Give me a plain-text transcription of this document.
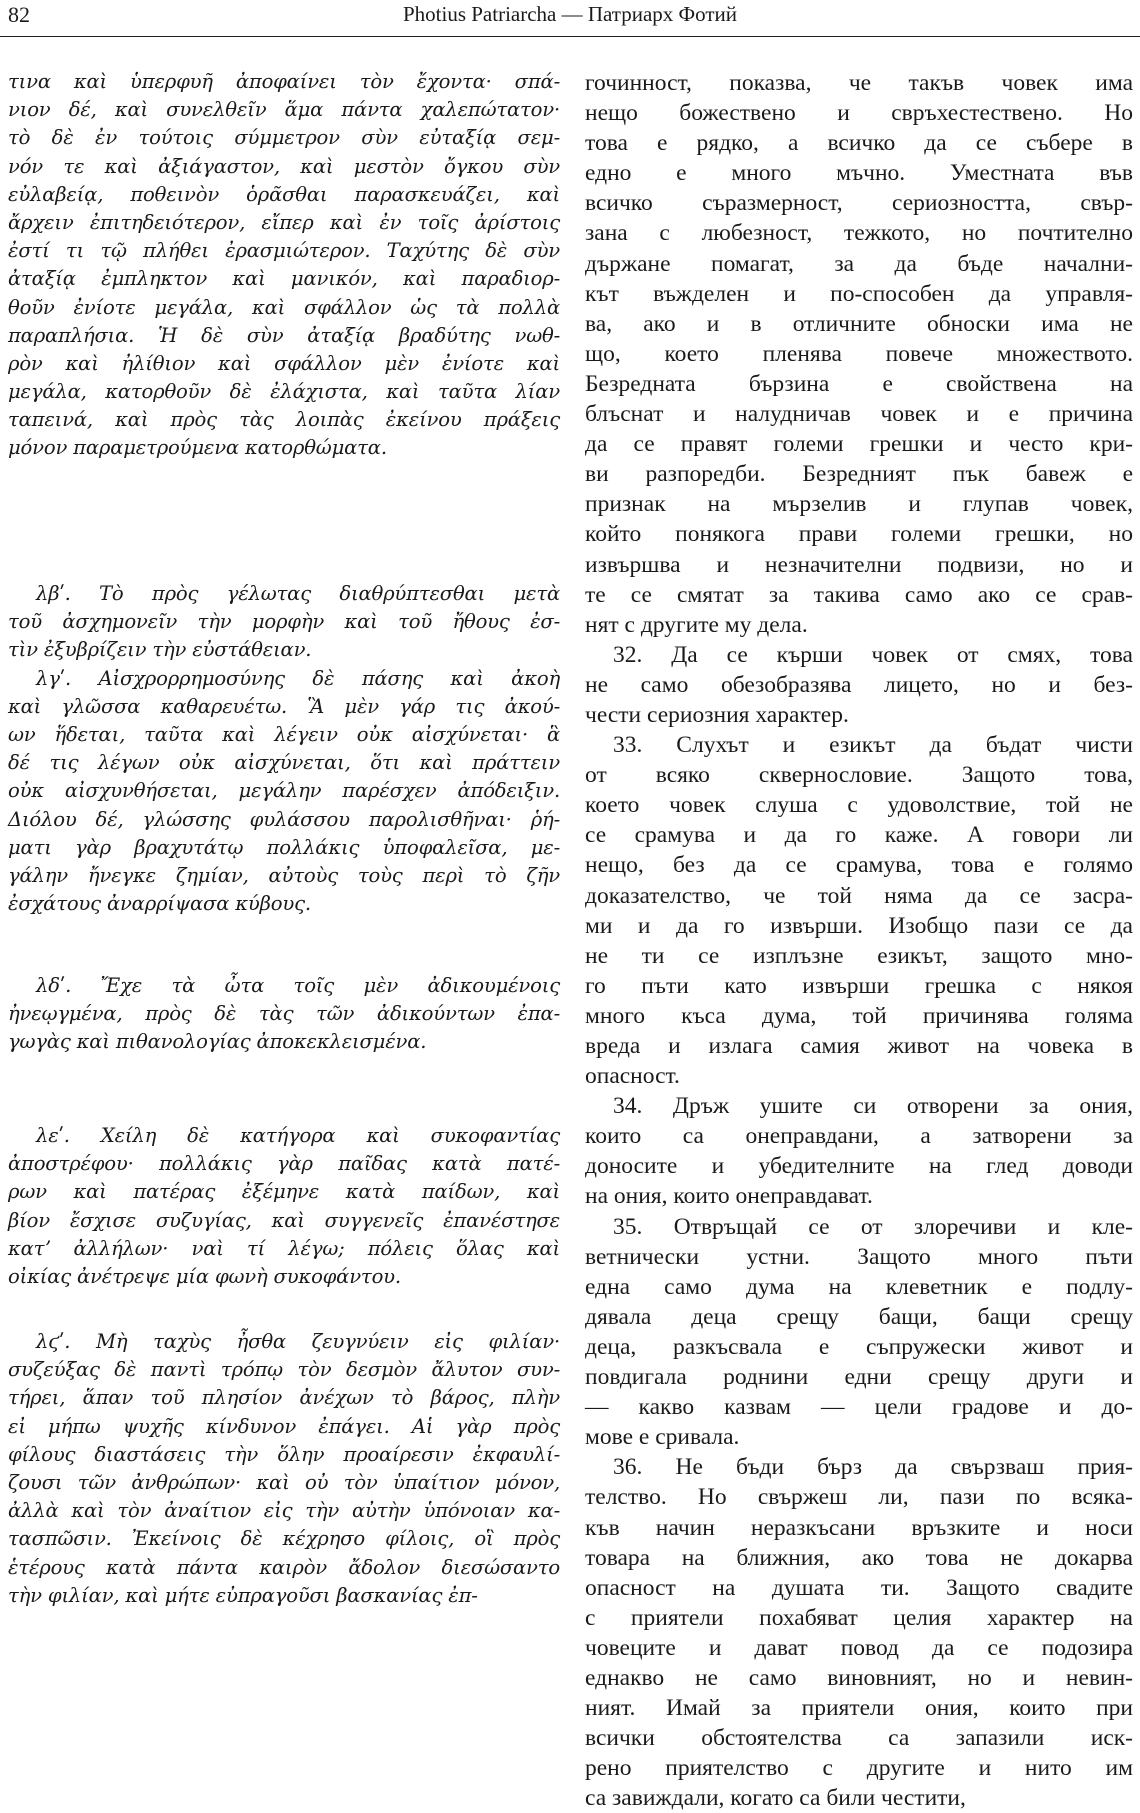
82	Photius Patriarcha — Патриарх Фотий
τινα καὶ ὑπερφυῆ ἀποφαίνει τὸν ἔχοντα· σπά-
νιον δέ, καὶ συνελθεῖν ἅμα πάντα χαλεπώτατον·
τὸ δὲ ἐν τούτοις σύμμετρον σὺν εὐταξίᾳ σεμ-
νόν τε καὶ ἀξιάγαστον, καὶ μεστὸν ὄγκου σὺν
εὐλαβείᾳ, ποθεινὸν ὁρᾶσθαι παρασκευάζει, καὶ
ἄρχειν ἐπιτηδειότερον, εἴπερ καὶ ἐν τοῖς ἀρίστοις
ἐστί τι τῷ πλήθει ἐρασμιώτερον. Ταχύτης δὲ σὺν
ἀταξίᾳ ἐμπληκτον καὶ μανικόν, καὶ παραδιορ-
θοῦν ἐνίοτε μεγάλα, καὶ σφάλλον ὡς τὰ πολλὰ
παραπλήσια. Ἡ δὲ σὺν ἀταξίᾳ βραδύτης νωθ-
ρὸν καὶ ἠλίθιον καὶ σφάλλον μὲν ἐνίοτε καὶ
μεγάλα, κατορθοῦν δὲ ἐλάχιστα, καὶ ταῦτα λίαν
ταπεινά, καὶ πρὸς τὰς λοιπὰς ἐκείνου πράξεις
μόνον παραμετρούμενα κατορθώματα.
λβʹ. Τὸ πρὸς γέλωτας διαθρύπτεσθαι μετὰ
τοῦ ἀσχημονεῖν τὴν μορφὴν καὶ τοῦ ἤθους ἐσ-
τὶν ἐξυβρίζειν τὴν εὐστάθειαν.
λγʹ. Αἰσχρορρημοσύνης δὲ πάσης καὶ ἀκοὴ
καὶ γλῶσσα καθαρευέτω. Ἃ μὲν γάρ τις ἀκού-
ων ἥδεται, ταῦτα καὶ λέγειν οὐκ αἰσχύνεται· ἃ
δέ τις λέγων οὐκ αἰσχύνεται, ὅτι καὶ πράττειν
οὐκ αἰσχυνθήσεται, μεγάλην παρέσχεν ἀπόδειξιν.
Διόλου δέ, γλώσσης φυλάσσου παρολισθῆναι· ῥή-
ματι γὰρ βραχυτάτῳ πολλάκις ὑποφαλεῖσα, με-
γάλην ἤνεγκε ζημίαν, αὐτοὺς τοὺς περὶ τὸ ζῆν
ἐσχάτους ἀναρρίψασα κύβους.
λδʹ. Ἔχε τὰ ὦτα τοῖς μὲν ἀδικουμένοις
ἠνεῳγμένα, πρὸς δὲ τὰς τῶν ἀδικούντων ἐπα-
γωγὰς καὶ πιθανολογίας ἀποκεκλεισμένα.
λεʹ. Χείλη δὲ κατήγορα καὶ συκοφαντίας
ἀποστρέφου· πολλάκις γὰρ παῖδας κατὰ πατέ-
ρων καὶ πατέρας ἐξέμηνε κατὰ παίδων, καὶ
βίον ἔσχισε συζυγίας, καὶ συγγενεῖς ἐπανέστησε
κατʼ ἀλλήλων· ναὶ τί λέγω; πόλεις ὅλας καὶ
οἰκίας ἀνέτρεψε μία φωνὴ συκοφάντου.
λϛʹ. Μὴ ταχὺς ἦσθα ζευγνύειν εἰς φιλίαν·
συζεύξας δὲ παντὶ τρόπῳ τὸν δεσμὸν ἄλυτον συν-
τήρει, ἅπαν τοῦ πλησίον ἀνέχων τὸ βάρος, πλὴν
εἰ μήπω ψυχῆς κίνδυνον ἐπάγει. Αἱ γὰρ πρὸς
φίλους διαστάσεις τὴν ὅλην προαίρεσιν ἐκφαυλί-
ζουσι τῶν ἀνθρώπων· καὶ οὐ τὸν ὑπαίτιον μόνον,
ἀλλὰ καὶ τὸν ἀναίτιον εἰς τὴν αὐτὴν ὑπόνοιαν κα-
τασπῶσιν. Ἐκείνοις δὲ κέχρησο φίλοις, οἳ πρὸς
ἑτέρους κατὰ πάντα καιρὸν ἄδολον διεσώσαντο
τὴν φιλίαν, καὶ μήτε εὐπραγοῦσι βασκανίας ἐπ-
гочинност, показва, че такъв човек има
нещо божествено и свръхестествено. Но
това е рядко, а всичко да се събере в
едно е много мъчно. Уместната във
всичко съразмерност, сериозността, свър-
зана с любезност, тежкото, но почтително
държане помагат, за да бъде начални-
кът въжделен и по-способен да управля-
ва, ако и в отличните обноски има не
що, което пленява повече множеството.
Безредната бързина е свойствена на
блъснат и налудничав човек и е причина
да се правят големи грешки и често кри-
ви разпоредби. Безредният пък бавеж е
признак на мързелив и глупав човек,
който понякога прави големи грешки, но
извършва и незначителни подвизи, но и
те се смятат за такива само ако се срав-
нят с другите му дела.
32. Да се кърши човек от смях, това
не само обезобразява лицето, но и без-
чести сериозния характер.
33. Слухът и езикът да бъдат чисти
от всяко сквернословие. Защото това,
което човек слуша с удоволствие, той не
се срамува и да го каже. А говори ли
нещо, без да се срамува, това е голямо
доказателство, че той няма да се засра-
ми и да го извърши. Изобщо пази се да
не ти се изплъзне езикът, защото мно-
го пъти като извърши грешка с някоя
много къса дума, той причинява голяма
вреда и излага самия живот на човека в
опасност.
34. Дръж ушите си отворени за ония,
които са онеправдани, а затворени за
доносите и убедителните на глед доводи
на ония, които онеправдават.
35. Отвръщай се от злоречиви и кле-
ветнически устни. Защото много пъти
една само дума на клеветник е подлу-
дявала деца срещу бащи, бащи срещу
деца, разкъсвала е съпружески живот и
повдигала роднини едни срещу други и
— какво казвам — цели градове и до-
мове е сривала.
36. Не бъди бърз да свързваш прия-
телство. Но свържеш ли, пази по всяка-
къв начин неразкъсани връзките и носи
товара на ближния, ако това не докарва
опасност на душата ти. Защото свадите
с приятели похабяват целия характер на
човеците и дават повод да се подозира
еднакво не само виновният, но и невин-
ният. Имай за приятели ония, които при
всички обстоятелства са запазили иск-
рено приятелство с другите и нито им
са завиждали, когато са били честити,
